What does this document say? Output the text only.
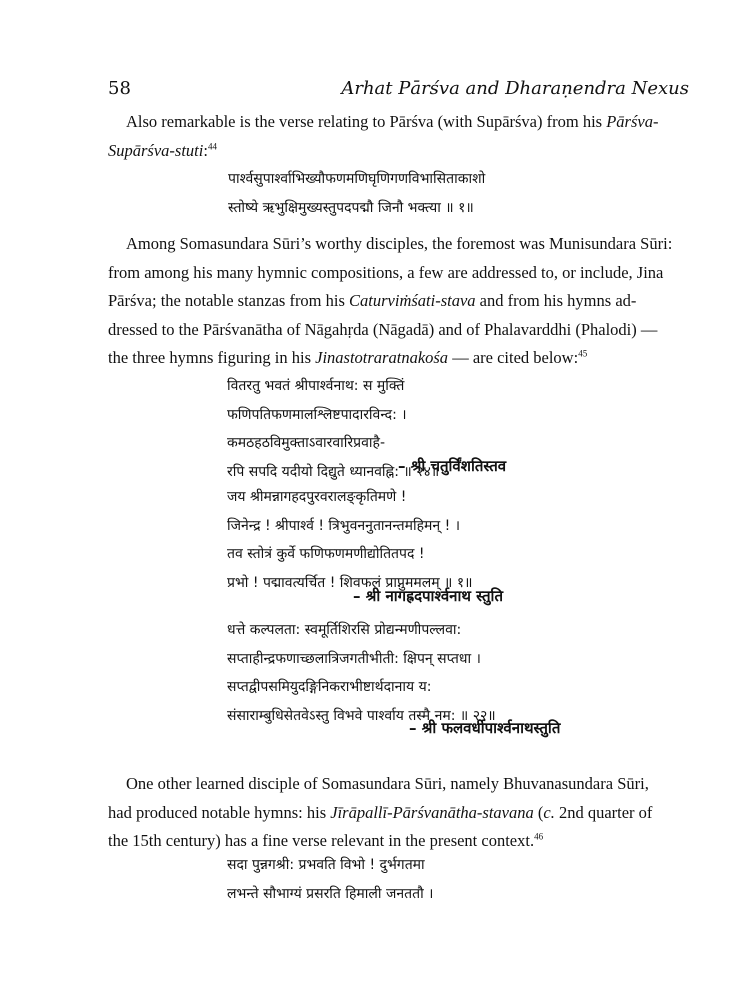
58	Arhat Pārśva and Dharaṇendra Nexus
Also remarkable is the verse relating to Pārśva (with Supārśva) from his Pārśva-
Supārśva-stuti:$^{44}$
पार्श्वसुपार्श्वाभिख्यौफणमणिघृणिगणविभासिताकाशो
स्तोष्ये ऋभुक्षिमुख्यस्तुपदपद्मौ जिनौ भक्त्या ॥ १॥
Among Somasundara Sūri’s worthy disciples, the foremost was Munisundara Sūri:
from among his many hymnic compositions, a few are addressed to, or include, Jina
Pārśva; the notable stanzas from his Caturviṁśati-stava and from his hymns ad-
dressed to the Pārśvanātha of Nāgahṛda (Nāgadā) and of Phalavarddhi (Phalodi) —
the three hymns figuring in his Jinastotraratnakośa — are cited below:$^{45}$
वितरतु भवतं श्रीपार्श्वनाथ: स मुक्तिं
फणिपतिफणमालश्लिष्टपादारविन्द: ।
कमठहठविमुक्ताऽवारवारिप्रवाहै-
रपि सपदि यदीयो दिद्युते ध्यानवह्नि: ॥ २४॥
– श्री चतुर्विंशतिस्तव
जय श्रीमन्नागहदपुरवरालङ्कृतिमणे !
जिनेन्द्र ! श्रीपार्श्व ! त्रिभुवननुतानन्तमहिमन् ! ।
तव स्तोत्रं कुर्वे फणिफणमणीद्योतितपद !
प्रभो ! पद्मावत्यर्चित ! शिवफलं प्राप्नुममलम् ॥ १॥
– श्री नागह्रदपार्श्वनाथ स्तुति
धत्ते कल्पलता: स्वमूर्तिशिरसि प्रोद्यन्मणीपल्लवा:
सप्ताहीन्द्रफणाच्छलात्रिजगतीभीती: क्षिपन् सप्तधा ।
सप्तद्वीपसमियुदङ्गिनिकराभीष्टार्थदानाय य:
संसाराम्बुधिसेतवेऽस्तु विभवे पार्श्वाय तस्मै नम: ॥ २२॥
– श्री फलवर्धीपार्श्वनाथस्तुति
One other learned disciple of Somasundara Sūri, namely Bhuvanasundara Sūri,
had produced notable hymns: his Jīrāpallī-Pārśvanātha-stavana (c. 2nd quarter of
the 15th century) has a fine verse relevant in the present context.$^{46}$
सदा पुन्नगश्री: प्रभवति विभो ! दुर्भगतमा
लभन्ते सौभाग्यं प्रसरति हिमाली जनततौ ।
